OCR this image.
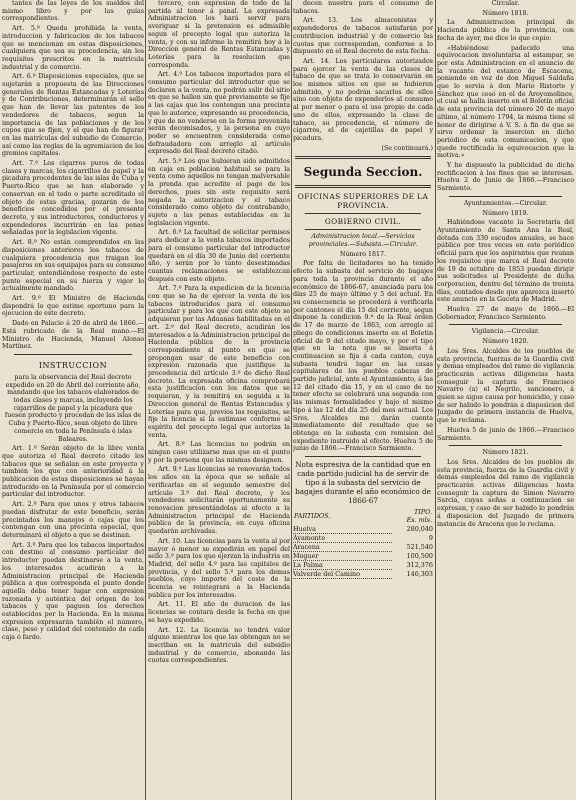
tantes de las leyes de los sueldos del mismo libro y por las guías correspondientes.

Art. 5.º Queda prohibida la venta, introduccion y fabricacion de los tabacos que se mencionan en estas disposiciones, cualquiera que sea su procedencia, sin los requisitos prescritos en la matrícula industrial y de comercio.

Art. 6.º Disposiciones especiales, que se sujetarán a propuesta de las Direcciones generales de Rentas Estancadas y Loterías y de Contribuciones, determinarán el sello que han de llevar las patentes de los vendedores de tabacos, segun la importancia de las poblaciones y de los cupos que se fijen, y el que han de figurar en las matrículas del subsidio de Comercio, así como las reglas de la agremiacion de los gremios capitales.

Art. 7.º Los cigarros puros de todas clases y marcas, los cigarrillos de papel y la picadura procedentes de las islas de Cuba y Puerto-Rico que se han elaborado y conservan en el todo o parte acreditado el objeto de estas gracias, gozarán de los beneficios concedidos por el presente decreto, y sus introductores, conductores y expendedores incurrirán en las penas señaladas por la legislacion vigente.

Art. 8.º No están comprendidos en las disposiciones anteriores los tabacos de cualquiera procedencia que traigan los pasajeros en sus equipajes para su consumo particular, entendiéndose respecto de este punto especial en su fuerza y vigor lo actualmente mandado.

Art. 9.º El Ministro de Hacienda dispondrá lo que estime oportuno para la ejecucion de este decreto.

Dado en Palacio á 20 de abril de 1866.—Está rubricado de la Real mano.—El Ministro de Hacienda, Manuel Alonso Martínez.

INSTRUCCION

para la observancia del Real decreto expedido en 20 de Abril del corriente año, mandando que los tabacos elaborados de todas clases y marcas, incluyendo los cigarrillos de papel y la picadura que fuesen producto y procedan de las islas de Cuba y Puerto-Rico, sean objeto de libre comercio en toda la Península é islas Baleares.

Art. 1.º Serán objeto de la libre venta que autoriza el Real decreto citado los tabacos que se señalan en este proyecto y también los que con anterioridad á la publicacion de estas disposiciones se hayan introducido en la Península por el comercio particular del introductor.

Art. 2.º Para que unos y otros tabacos puedan disfrutar de este beneficio, serán precintados los manojos ó cajas que los contengan con una precinta especial, que determinará el objeto a que se destinan.

Art. 3.º Para que los tabacos importados con destino al consumo particular del introductor puedan destinarse a la venta, los interesados acudirán a la Administracion principal de Hacienda pública a que corresponda el punto donde aquella deba tener lugar con expresion razonada y auténtica del origen de los tabacos y que paguen los derechos establecidos por la Hacienda. En la misma expresion expresarán también el número, clase, peso y calidad del contenido de cada caja ó fardo.

tercero, con expresion de todo de la partida al tenor á panal. La expresada Administracion los hará servir para averiguar si la pretension es admisible segun el precepto legal que autoriza la venta, y con su informe la remitirá hoy á la Direccion general de Rentas Estancadas y Loterías para la resolucion que corresponda.

Art. 4.º Los tabacos importados para el consumo particular del introductor que se declaren a la venta, no podrán salir del sitio en que se hallen sin que previamente se fije a las cajas que los contengan una precinta que lo autorice, expresando su procedencia, y que de no venderse en la forma prevenida serán decomisados, y la persona en cuyo poder se encuentren considerada como defraudadora con arreglo al artículo expresado del Real decreto citado.

Art. 5.º Los que hubieran sido admitidos en caja en poblacion habitual se para la venta como aquellos no tengan malversable la prenda que acredite el pago de los derechos, pues sin este requisito será negada la autorizacion y el tabaco considerado como objeto de contrabando, sujeto a las penas establecidas en la legislacion vigente.

Art. 6.º La facultad de solicitar permisos para dedicar a la venta tabacos importados para el consumo particular del introductor quedará en el día 30 de Junio del corriente año, y serán por lo tanto desestimadas cuantas reclamaciones se establezcan después con este objeto.

Art. 7.º Para la expedicion de la licencia con que se ha de ejercer la venta de los tabacos introducidos para el consumo particular y para los que con este objeto se adquieran por las Aduanas habilitadas en el art. 2.º del Real decreto, acudirán los interesados a la Administracion principal de Hacienda pública de la provincia correspondiente al punto en que se propongan usar de este beneficio con expresion razonada que justifique la procedencia del artículo 3.º de dicho Real decreto. La expresada oficina comprobará esta justificacion con los datos que se requieran, y la remitirá en seguida a la Direccion general de Rentas Estancadas y Loterías para que, previos los requisitos, se fije la licencia si la estimase conforme al espíritu del precepto legal que autoriza la venta.

Art. 8.º Las licencias no podrán en ningun caso utilizarse mas que en el punto y por la persona que las mismas designen.

Art. 9.º Las licencias se renovarán todos los años en la época que se señale al verificarlas en el segundo semestre del artículo 3.º del Real decreto, y los vendedores solicitarán oportunamente su renovacion presentándolas al efecto a la Administracion principal de Hacienda pública de la provincia, en cuya oficina quedarán archivadas.

Art. 10. Las licencias para la venta al por mayor ó menor se expedirán en papel del sello 3.º para los que ejerzan la industria en Madrid, del sello 4.º para las capitales de provincia, y del sello 5.º para los demas pueblos, cuyo importe del coste de la licencia se reintegrará a la Hacienda pública por los interesados.

Art. 11. El año de duracion de las licencias se contará desde la fecha en que se haya expedido.

Art. 12. La licencia no tendrá valor alguno mientras los que las obtengan no se inscriban en la matrícula del subsidio industrial y de comercio, abonando las cuotas correspondientes.

decen nuestra para el consumo de tabacos.

Art. 13. Los almacenistas y expendedores de tabacos satisfarán por contribucion industrial y de comercio las cuotas que correspondan, conforme a lo dispuesto en el Real decreto de esta fecha.

Art. 14. Los particulares autorizados para ejercer la venta de las clases de tabaco de que se trata lo conservarán en los mismos sitios en que se hubieren admitido, y no podrán sacarlos de ellos sino con objeto de expenderlos al consumo al por menor o para el uso propio de cada uno de ellos, expresando la clase de tabaco, su procedencia, el número de cigarros, el de cajetillas de papel y picadura.

(Se continuará.)

Segunda Seccion.

OFICINAS SUPERIORES DE LA PROVINCIA.

GOBIERNO CIVIL.

Administracion local.—Servicios provinciales.—Subasta.—Circular.

Número 1817.

Por falta de licitadores no ha tenido efecto la subasta del servicio de bagajes para toda la provincia durante el año económico de 1866-67, anunciada para los días 25 de mayo último y 5 del actual. En su consecuencia se procederá á verificarla por cantones el día 15 del corriente, segun dispone la condicion 9.ª de la Real órden de 17 de marzo de 1863, con arreglo al pliego de condiciones inserto en el Boletin oficial de 9 del citado mayo, y por el tipo que en la nota que se inserta á continuacion se fija á cada canton, cuya subasta tendrá lugar en las casas capitulares de los pueblos cabezas de partido judicial, ante el Ayuntamiento, á las 12 del citado día 15, y en el caso de no tener efecto se celebrará una segunda con las mismas formalidades y bajo el mismo tipo á las 12 del día 25 del mes actual. Los Sres. Alcaldes me darán cuenta inmediatamente del resultado que se obtenga en la subasta con remision del expediente instruido al efecto. Huelva 5 de junio de 1866.—Francisco Sarmiento.

Nota espresiva de la cantidad que en cada partido judicial ha de servir de tipo á la subasta del servicio de bagajes durante el año económico de 1866-67

PARTIDOS.	TIPO.
Es. mls.
Huelva	280,040
Ayamonte	9
Aracena	521,540
Moguer	100,500
La Palma	312,376
Valverde del Camino	146,303

Circular.

Número 1818.

La Administracion principal de Hacienda pública de la provincia, con fecha de ayer, me dice lo que copio:

«Habiéndose padecido una equivocacion involuntaria al estampar, se por esta Administracion en el anuncio de la vacante del estanco de Escacena, poniendo en vez de don Miguel Saldaña que lo servia á don Mario Ristorte y Sánchez que cesó en el de Aroyomolinos, el cual se halla inserto en el Boletín oficial de esta provincia del número 20 de mayo último, al número 1794, la misma tiene el honor de dirigirse á V. S. á fin de que se sirva ordenar la insercion en dicho periódico de esta comunicacion, y que quede rectificada la equivocacion que la motiva.»

Y he dispuesto la publicidad de dicha rectificacion á los fines que se interesan. Huelva 2 de Junio de 1866.—Francisco Sarmiento.

Ayuntamientos.—Circular.

Número 1819.

Habiéndose vacante la Secretaría del Ayuntamiento de Santa Ana la Real, dotada con 330 escudos anuales, se hace público por tres veces en este periódico oficial para que los aspirantes que reunan los requisitos que marca el Real decreto de 19 de octubre de 1853 puedan dirigir sus solicitudes al Presidente de dicha corporacion, dentro del término de treinta días, contados desde que aparezca inserto este anuncio en la Gaceta de Madrid.

Huelva 27 de mayo de 1866.—El Gobernador, Francisco Sarmiento.

Vigilancia.—Circular.

Número 1820.

Los Sres. Alcaldes de los pueblos de esta provincia, fuerzas de la Guardia civil y demas empleados del ramo de vigilancia practicarán activas diligencias hasta conseguir la captura de Francisco Navarro (a) el Negrito, sancionero, á quien se sigue causa por homicidio, y caso de ser habido lo pondrán á disposicion del Juzgado de primera instancia de Huelva, que le reclama.

Huelva 5 de junio de 1866.—Francisco Sarmiento.

Número 1821.

Los Sres. Alcaldes de los pueblos de esta provincia, fuerza de la Guardia civil y demas empleados del ramo de vigilancia practicarán activas diligencias hasta conseguir la captura de Simon Navarro Sarcia, cuyas señas a continuacion se expresan, y caso de ser habido lo pondrán á disposicion del Juzgado de primera instancia de Aracena que le reclama.
